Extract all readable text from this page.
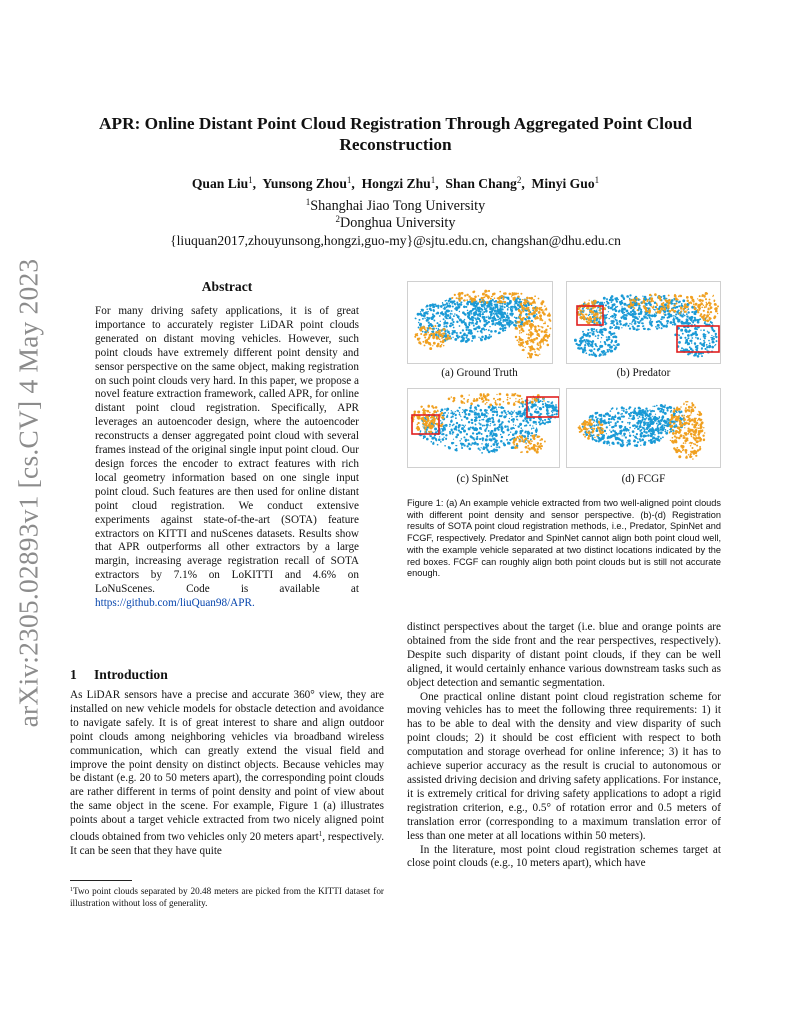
arXiv:2305.02893v1 [cs.CV] 4 May 2023
APR: Online Distant Point Cloud Registration Through Aggregated Point Cloud
Reconstruction
Quan Liu$^1$,  Yunsong Zhou$^1$,  Hongzi Zhu$^1$,  Shan Chang$^2$,  Minyi Guo$^1$
$^1$Shanghai Jiao Tong University
$^2$Donghua University
{liuquan2017,zhouyunsong,hongzi,guo-my}@sjtu.edu.cn, changshan@dhu.edu.cn
Abstract
For many driving safety applications, it is of great importance to accurately register LiDAR point clouds generated on distant moving vehicles. However, such point clouds have extremely different point density and sensor perspective on the same object, making registration on such point clouds very hard. In this paper, we propose a novel feature extraction framework, called APR, for online distant point cloud registration. Specifically, APR leverages an autoencoder design, where the autoencoder reconstructs a denser aggregated point cloud with several frames instead of the original single input point cloud. Our design forces the encoder to extract features with rich local geometry information based on one single input point cloud. Such features are then used for online distant point cloud registration. We conduct extensive experiments against state-of-the-art (SOTA) feature extractors on KITTI and nuScenes datasets. Results show that APR outperforms all other extractors by a large margin, increasing average registration recall of SOTA extractors by 7.1% on LoKITTI and 4.6% on LoNuScenes. Code is available at https://github.com/liuQuan98/APR.
1 Introduction

As LiDAR sensors have a precise and accurate 360° view, they are installed on new vehicle models for obstacle detection and avoidance to navigate safely. It is of great interest to share and align outdoor point clouds among neighboring vehicles via broadband wireless communication, which can greatly extend the visual field and improve the point density on distinct objects. Because vehicles may be distant (e.g. 20 to 50 meters apart), the corresponding point clouds are rather different in terms of point density and point of view about the same object in the scene. For example, Figure 1 (a) illustrates points about a target vehicle extracted from two nicely aligned point clouds obtained from two vehicles only 20 meters apart$^1$, respectively. It can be seen that they have quite

$^1$Two point clouds separated by 20.48 meters are picked from the KITTI dataset for illustration without loss of generality.
(a) Ground Truth	(b) Predator
(c) SpinNet	(d) FCGF
Figure 1: (a) An example vehicle extracted from two well-aligned point clouds with different point density and sensor perspective. (b)-(d) Registration results of SOTA point cloud registration methods, i.e., Predator, SpinNet and FCGF, respectively. Predator and SpinNet cannot align both point cloud well, with the example vehicle separated at two distinct locations indicated by the red boxes. FCGF can roughly align both point clouds but is still not accurate enough.

distinct perspectives about the target (i.e. blue and orange points are obtained from the side front and the rear perspectives, respectively). Despite such disparity of distant point clouds, if they can be well aligned, it would certainly enhance various downstream tasks such as object detection and semantic segmentation.

One practical online distant point cloud registration scheme for moving vehicles has to meet the following three requirements: 1) it has to be able to deal with the density and view disparity of such point clouds; 2) it should be cost efficient with respect to both computation and storage overhead for online inference; 3) it has to achieve superior accuracy as the result is crucial to autonomous or assisted driving decision and driving safety applications. For instance, it is extremely critical for driving safety applications to adopt a rigid registration criterion, e.g., 0.5° of rotation error and 0.5 meters of translation error (corresponding to a maximum translation error of less than one meter at all locations within 50 meters).

In the literature, most point cloud registration schemes target at close point clouds (e.g., 10 meters apart), which have
